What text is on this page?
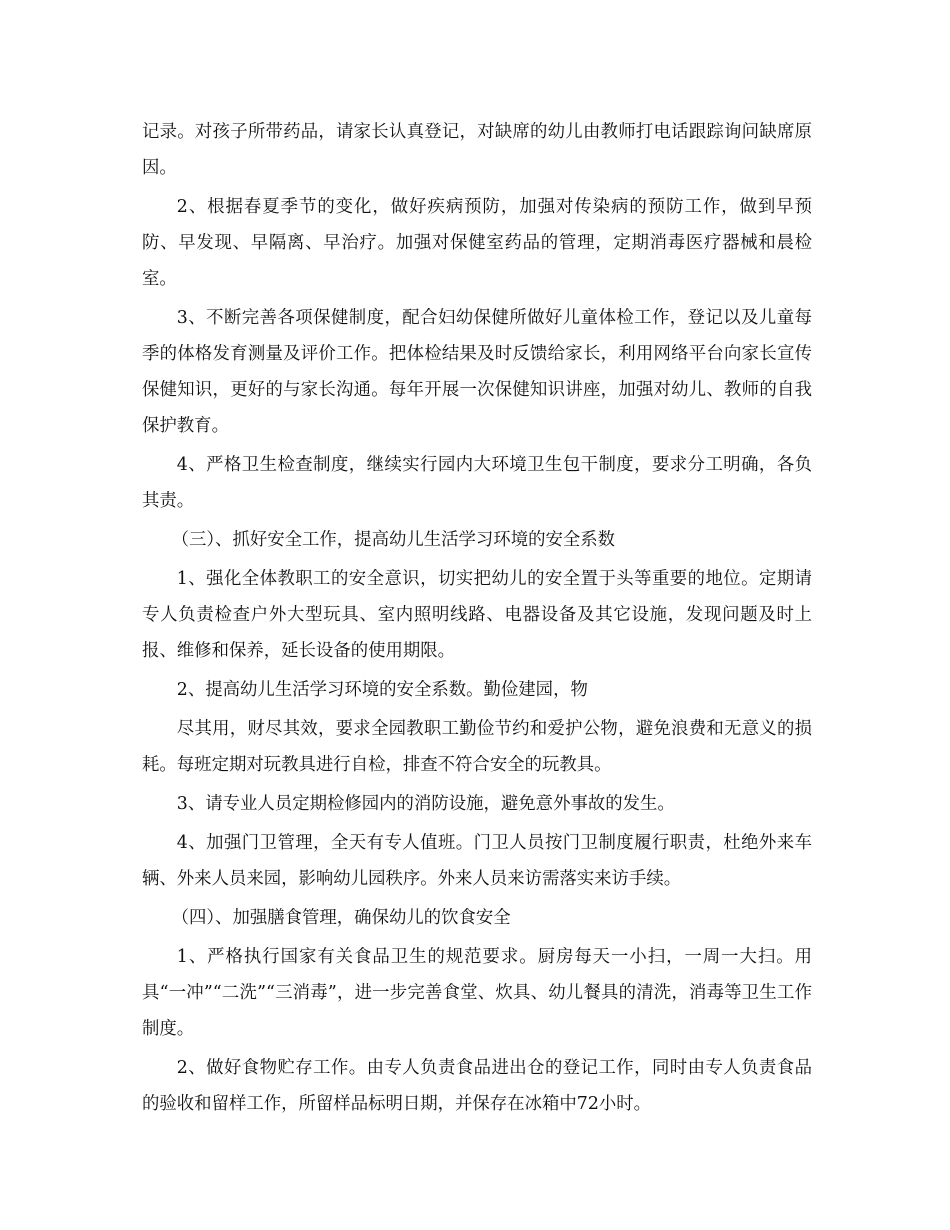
记录。对孩子所带药品，请家长认真登记，对缺席的幼儿由教师打电话跟踪询问缺席原因。

2、根据春夏季节的变化，做好疾病预防，加强对传染病的预防工作，做到早预防、早发现、早隔离、早治疗。加强对保健室药品的管理，定期消毒医疗器械和晨检室。

3、不断完善各项保健制度，配合妇幼保健所做好儿童体检工作，登记以及儿童每季的体格发育测量及评价工作。把体检结果及时反馈给家长，利用网络平台向家长宣传保健知识，更好的与家长沟通。每年开展一次保健知识讲座，加强对幼儿、教师的自我保护教育。

4、严格卫生检查制度，继续实行园内大环境卫生包干制度，要求分工明确，各负其责。

（三）、抓好安全工作，提高幼儿生活学习环境的安全系数

1、强化全体教职工的安全意识，切实把幼儿的安全置于头等重要的地位。定期请专人负责检查户外大型玩具、室内照明线路、电器设备及其它设施，发现问题及时上报、维修和保养，延长设备的使用期限。

2、提高幼儿生活学习环境的安全系数。勤俭建园，物

尽其用，财尽其效，要求全园教职工勤俭节约和爱护公物，避免浪费和无意义的损耗。每班定期对玩教具进行自检，排查不符合安全的玩教具。

3、请专业人员定期检修园内的消防设施，避免意外事故的发生。

4、加强门卫管理，全天有专人值班。门卫人员按门卫制度履行职责，杜绝外来车辆、外来人员来园，影响幼儿园秩序。外来人员来访需落实来访手续。

（四）、加强膳食管理，确保幼儿的饮食安全

1、严格执行国家有关食品卫生的规范要求。厨房每天一小扫，一周一大扫。用具“一冲”“二洗”“三消毒”，进一步完善食堂、炊具、幼儿餐具的清洗，消毒等卫生工作制度。

2、做好食物贮存工作。由专人负责食品进出仓的登记工作，同时由专人负责食品的验收和留样工作，所留样品标明日期，并保存在冰箱中72小时。
